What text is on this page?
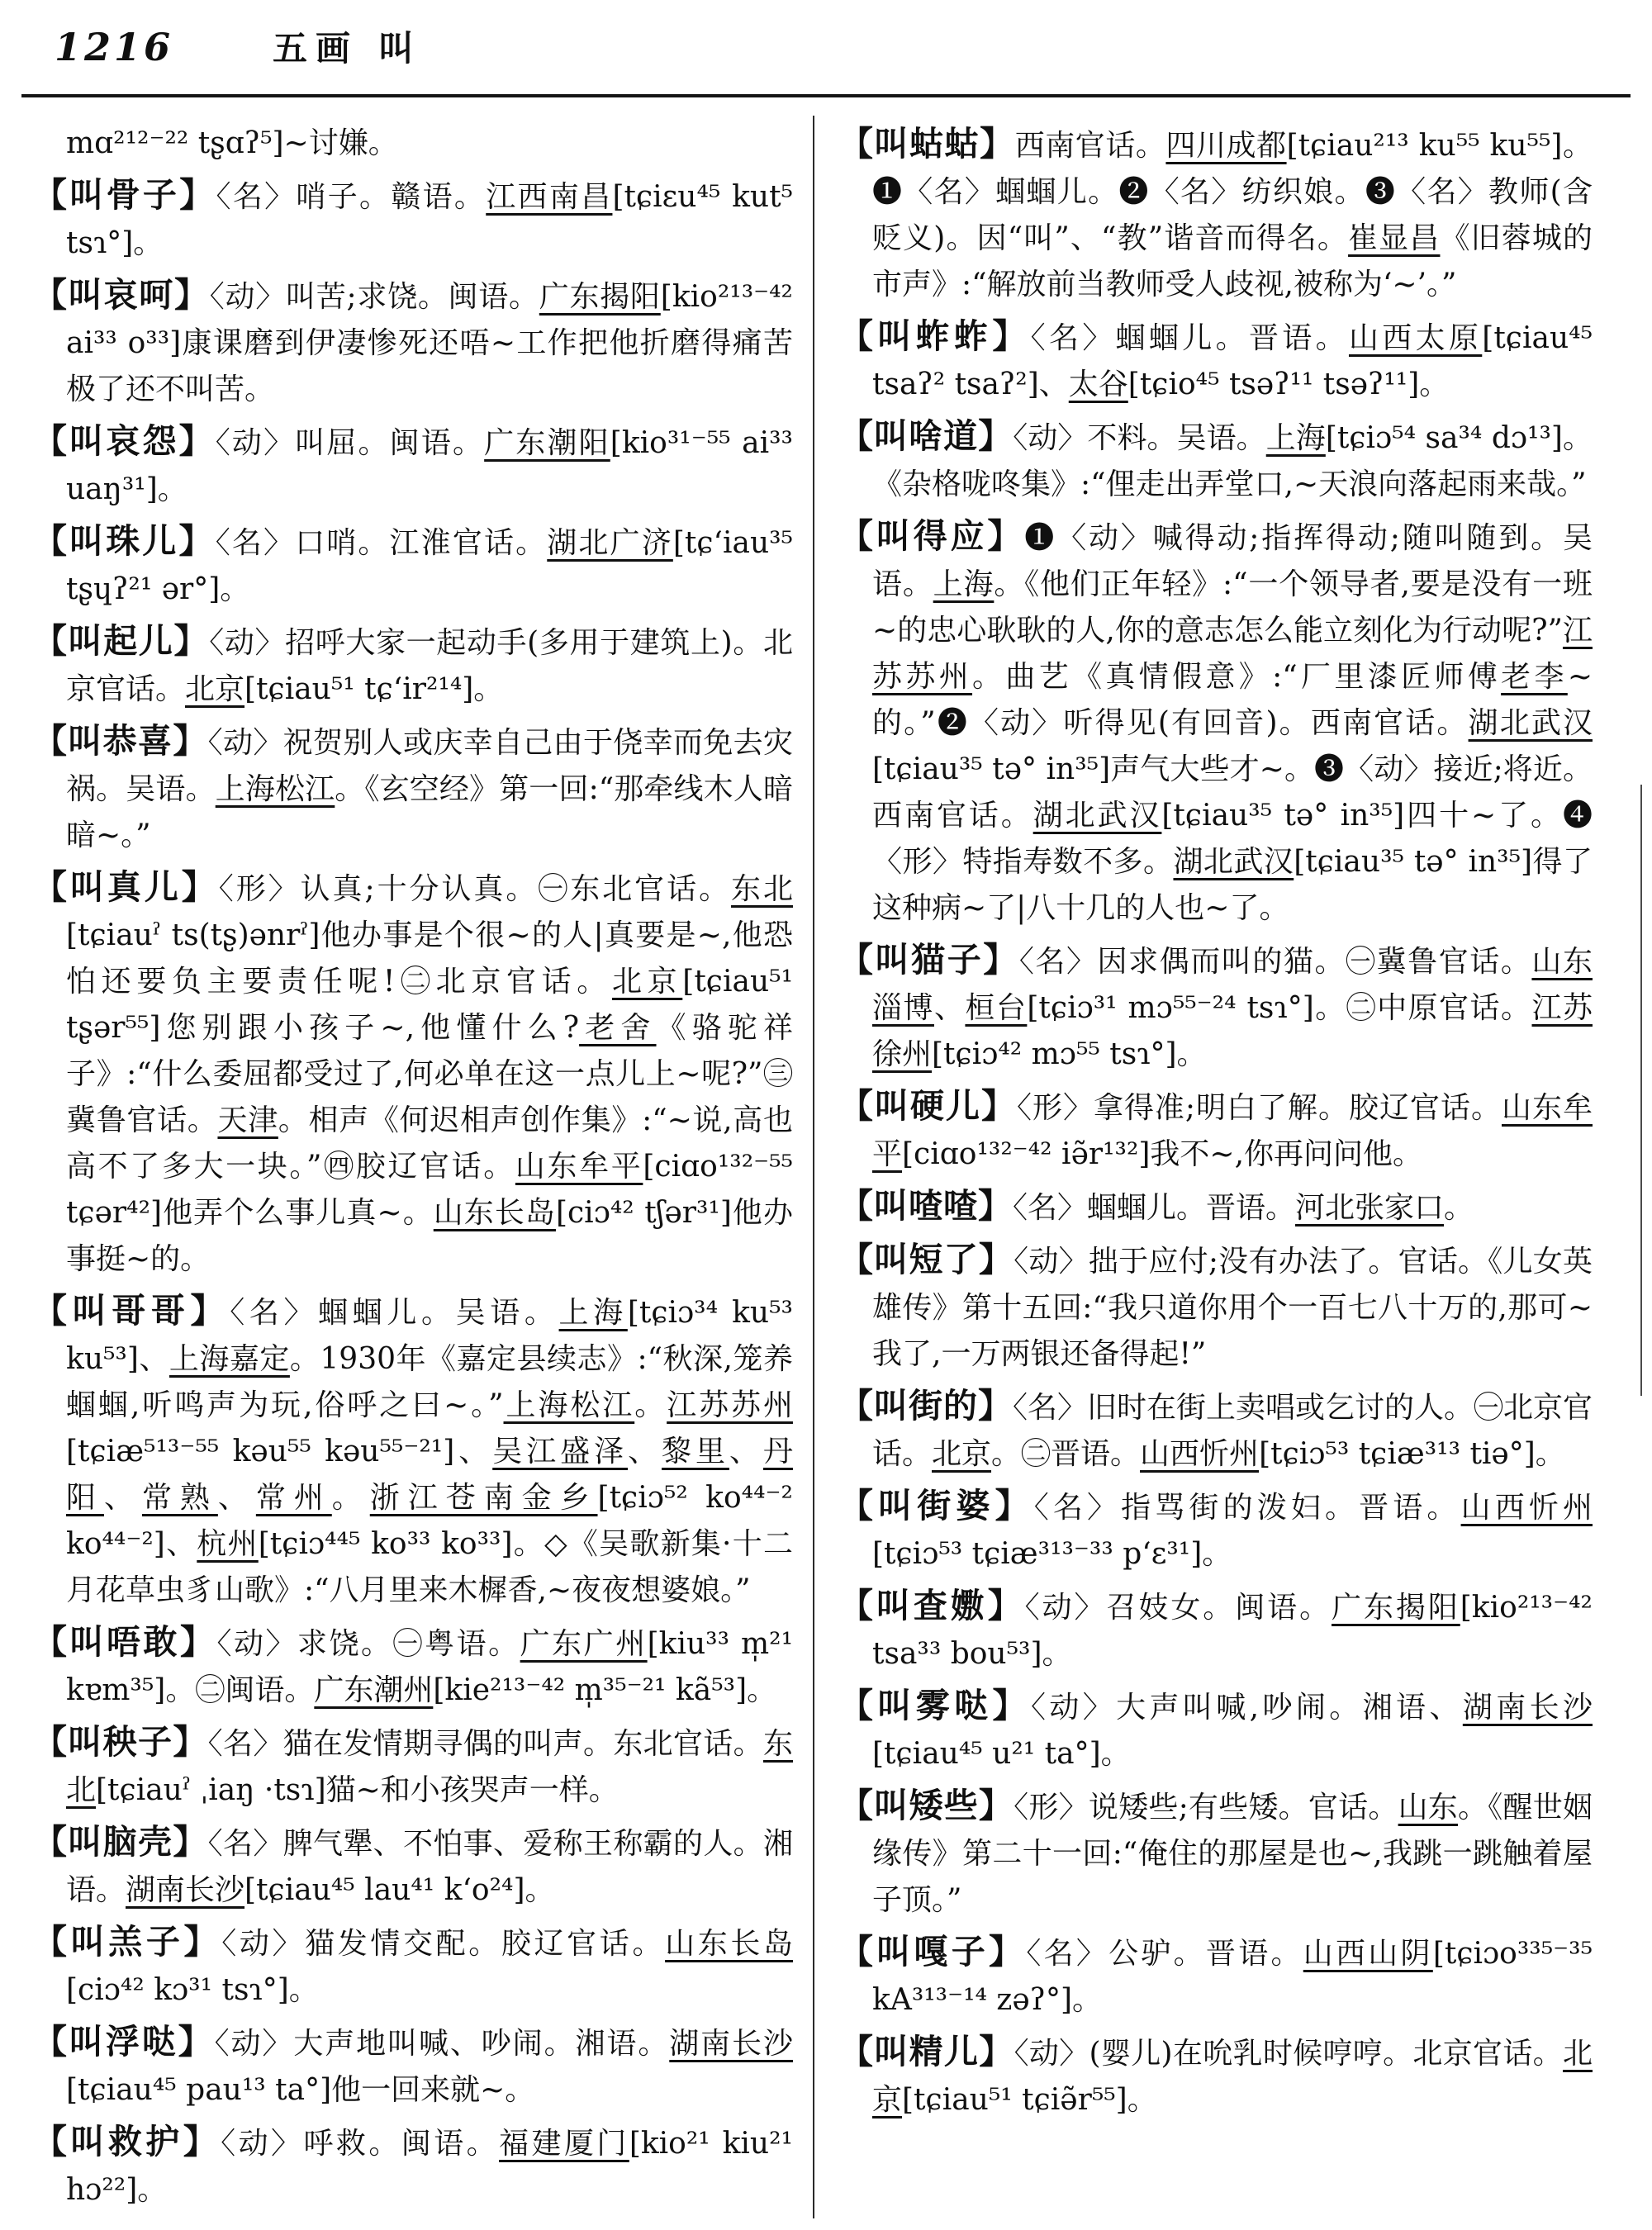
1216	五画 叫
mɑ²¹²⁻²² tʂɑʔ⁵]~讨嫌。
【叫骨子】〈名〉哨子。赣语。江西南昌[tɕiɛu⁴⁵ kut⁵ tsɿ°]。
【叫哀呵】〈动〉叫苦;求饶。闽语。广东揭阳[kio²¹³⁻⁴² ai³³ o³³]康课磨到伊凄惨死还唔~工作把他折磨得痛苦极了还不叫苦。
【叫哀怨】〈动〉叫屈。闽语。广东潮阳[kio³¹⁻⁵⁵ ai³³ uaŋ³¹]。
【叫珠儿】〈名〉口哨。江淮官话。湖北广济[tɕʻiau³⁵ tʂɥʔ²¹ ər°]。
【叫起儿】〈动〉招呼大家一起动手(多用于建筑上)。北京官话。北京[tɕiau⁵¹ tɕʻir²¹⁴]。
【叫恭喜】〈动〉祝贺别人或庆幸自己由于侥幸而免去灾祸。吴语。上海松江。《玄空经》第一回:“那牵线木人暗暗~。”
【叫真儿】〈形〉认真;十分认真。㊀东北官话。东北[tɕiauˀ ts(tʂ)ənrˀ]他办事是个很~的人|真要是~,他恐怕还要负主要责任呢!㊁北京官话。北京[tɕiau⁵¹ tʂər⁵⁵]您别跟小孩子~,他懂什么?老舍《骆驼祥子》:“什么委屈都受过了,何必单在这一点儿上~呢?”㊂冀鲁官话。天津。相声《何迟相声创作集》:“~说,高也高不了多大一块。”㊃胶辽官话。山东牟平[ciɑo¹³²⁻⁵⁵ tɕər⁴²]他弄个么事儿真~。山东长岛[ciɔ⁴² tʃər³¹]他办事挺~的。
【叫哥哥】〈名〉蝈蝈儿。吴语。上海[tɕiɔ³⁴ ku⁵³ ku⁵³]、上海嘉定。1930年《嘉定县续志》:“秋深,笼养蝈蝈,听鸣声为玩,俗呼之曰~。”上海松江。江苏苏州[tɕiæ⁵¹³⁻⁵⁵ kəu⁵⁵ kəu⁵⁵⁻²¹]、吴江盛泽、黎里、丹阳、常熟、常州。浙江苍南金乡[tɕiɔ⁵² ko⁴⁴⁻² ko⁴⁴⁻²]、杭州[tɕiɔ⁴⁴⁵ ko³³ ko³³]。◇《吴歌新集·十二月花草虫豸山歌》:“八月里来木樨香,~夜夜想婆娘。”
【叫唔敢】〈动〉求饶。㊀粤语。广东广州[kiu³³ m̩²¹ kɐm³⁵]。㊁闽语。广东潮州[kie²¹³⁻⁴² m̩³⁵⁻²¹ kã⁵³]。
【叫秧子】〈名〉猫在发情期寻偶的叫声。东北官话。东北[tɕiauˀ ˌiaŋ ·tsɿ]猫~和小孩哭声一样。
【叫脑壳】〈名〉脾气犟、不怕事、爱称王称霸的人。湘语。湖南长沙[tɕiau⁴⁵ lau⁴¹ kʻo²⁴]。
【叫羔子】〈动〉猫发情交配。胶辽官话。山东长岛[ciɔ⁴² kɔ³¹ tsɿ°]。
【叫浮哒】〈动〉大声地叫喊、吵闹。湘语。湖南长沙[tɕiau⁴⁵ pau¹³ ta°]他一回来就~。
【叫救护】〈动〉呼救。闽语。福建厦门[kio²¹ kiu²¹ hɔ²²]。
【叫蛄蛄】西南官话。四川成都[tɕiau²¹³ ku⁵⁵ ku⁵⁵]。❶〈名〉蝈蝈儿。❷〈名〉纺织娘。❸〈名〉教师(含贬义)。因“叫”、“教”谐音而得名。崔显昌《旧蓉城的市声》:“解放前当教师受人歧视,被称为‘~’。”
【叫蚱蚱】〈名〉蝈蝈儿。晋语。山西太原[tɕiau⁴⁵ tsaʔ² tsaʔ²]、太谷[tɕio⁴⁵ tsəʔ¹¹ tsəʔ¹¹]。
【叫啥道】〈动〉不料。吴语。上海[tɕiɔ⁵⁴ sa³⁴ dɔ¹³]。《杂格咙咚集》:“俚走出弄堂口,~天浪向落起雨来哉。”
【叫得应】❶〈动〉喊得动;指挥得动;随叫随到。吴语。上海。《他们正年轻》:“一个领导者,要是没有一班~的忠心耿耿的人,你的意志怎么能立刻化为行动呢?”江苏苏州。曲艺《真情假意》:“厂里漆匠师傅老李~的。”❷〈动〉听得见(有回音)。西南官话。湖北武汉[tɕiau³⁵ tə° in³⁵]声气大些才~。❸〈动〉接近;将近。西南官话。湖北武汉[tɕiau³⁵ tə° in³⁵]四十~了。❹〈形〉特指寿数不多。湖北武汉[tɕiau³⁵ tə° in³⁵]得了这种病~了|八十几的人也~了。
【叫猫子】〈名〉因求偶而叫的猫。㊀冀鲁官话。山东淄博、桓台[tɕiɔ³¹ mɔ⁵⁵⁻²⁴ tsɿ°]。㊁中原官话。江苏徐州[tɕiɔ⁴² mɔ⁵⁵ tsɿ°]。
【叫硬儿】〈形〉拿得准;明白了解。胶辽官话。山东牟平[ciɑo¹³²⁻⁴² iə̃r¹³²]我不~,你再问问他。
【叫喳喳】〈名〉蝈蝈儿。晋语。河北张家口。
【叫短了】〈动〉拙于应付;没有办法了。官话。《儿女英雄传》第十五回:“我只道你用个一百七八十万的,那可~我了,一万两银还备得起!”
【叫街的】〈名〉旧时在街上卖唱或乞讨的人。㊀北京官话。北京。㊁晋语。山西忻州[tɕiɔ⁵³ tɕiæ³¹³ tiə°]。
【叫街婆】〈名〉指骂街的泼妇。晋语。山西忻州[tɕiɔ⁵³ tɕiæ³¹³⁻³³ pʻɛ³¹]。
【叫査嫐】〈动〉召妓女。闽语。广东揭阳[kio²¹³⁻⁴² tsa³³ bou⁵³]。
【叫雾哒】〈动〉大声叫喊,吵闹。湘语、湖南长沙[tɕiau⁴⁵ u²¹ ta°]。
【叫矮些】〈形〉说矮些;有些矮。官话。山东。《醒世姻缘传》第二十一回:“俺住的那屋是也~,我跳一跳触着屋子顶。”
【叫嘎子】〈名〉公驴。晋语。山西山阴[tɕiɔo³³⁵⁻³⁵ kA³¹³⁻¹⁴ zəʔ°]。
【叫精儿】〈动〉(婴儿)在吮乳时候哼哼。北京官话。北京[tɕiau⁵¹ tɕiə̃r⁵⁵]。
